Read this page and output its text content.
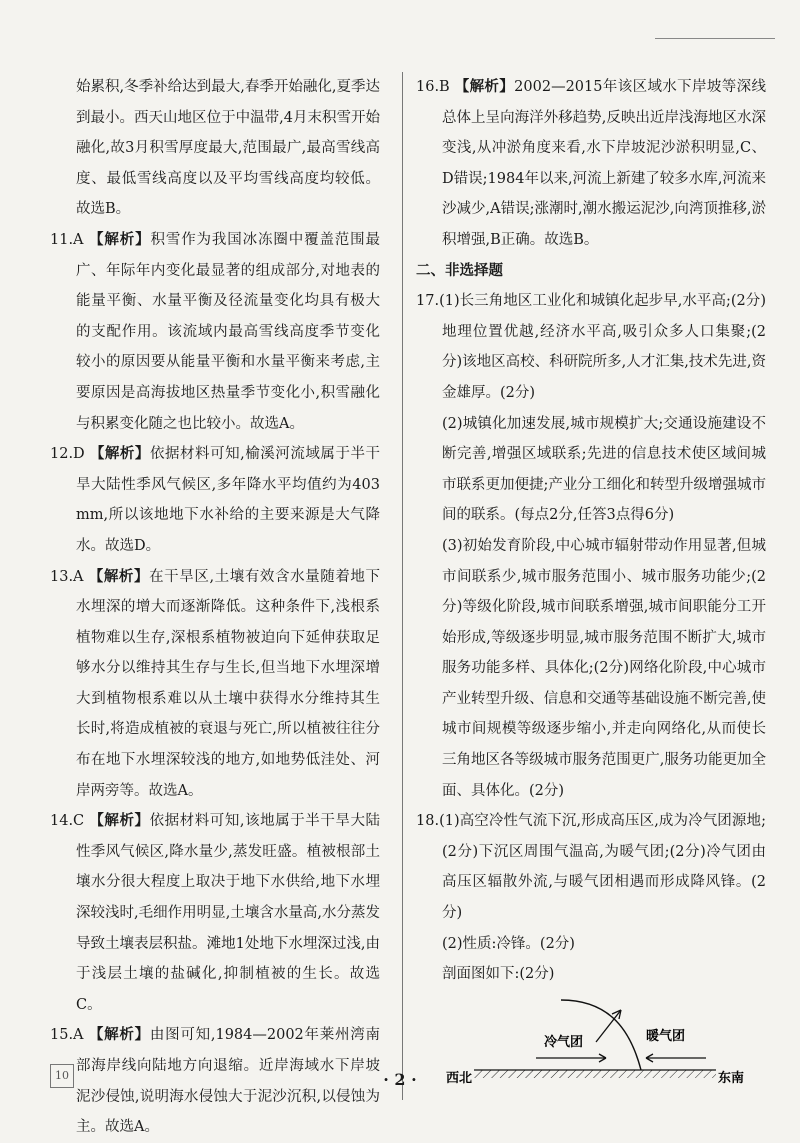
始累积,冬季补给达到最大,春季开始融化,夏季达到最小。西天山地区位于中温带,4月末积雪开始融化,故3月积雪厚度最大,范围最广,最高雪线高度、最低雪线高度以及平均雪线高度均较低。故选B。

11.A 【解析】积雪作为我国冰冻圈中覆盖范围最广、年际年内变化最显著的组成部分,对地表的能量平衡、水量平衡及径流量变化均具有极大的支配作用。该流域内最高雪线高度季节变化较小的原因要从能量平衡和水量平衡来考虑,主要原因是高海拔地区热量季节变化小,积雪融化与积累变化随之也比较小。故选A。

12.D 【解析】依据材料可知,榆溪河流域属于半干旱大陆性季风气候区,多年降水平均值约为403 mm,所以该地地下水补给的主要来源是大气降水。故选D。

13.A 【解析】在干旱区,土壤有效含水量随着地下水埋深的增大而逐渐降低。这种条件下,浅根系植物难以生存,深根系植物被迫向下延伸获取足够水分以维持其生存与生长,但当地下水埋深增大到植物根系难以从土壤中获得水分维持其生长时,将造成植被的衰退与死亡,所以植被往往分布在地下水埋深较浅的地方,如地势低洼处、河岸两旁等。故选A。

14.C 【解析】依据材料可知,该地属于半干旱大陆性季风气候区,降水量少,蒸发旺盛。植被根部土壤水分很大程度上取决于地下水供给,地下水埋深较浅时,毛细作用明显,土壤含水量高,水分蒸发导致土壤表层积盐。滩地1处地下水埋深过浅,由于浅层土壤的盐碱化,抑制植被的生长。故选C。

15.A 【解析】由图可知,1984—2002年莱州湾南部海岸线向陆地方向退缩。近岸海域水下岸坡泥沙侵蚀,说明海水侵蚀大于泥沙沉积,以侵蚀为主。故选A。

16.B 【解析】2002—2015年该区域水下岸坡等深线总体上呈向海洋外移趋势,反映出近岸浅海地区水深变浅,从冲淤角度来看,水下岸坡泥沙淤积明显,C、D错误;1984年以来,河流上新建了较多水库,河流来沙减少,A错误;涨潮时,潮水搬运泥沙,向湾顶推移,淤积增强,B正确。故选B。

二、非选择题

17.(1)长三角地区工业化和城镇化起步早,水平高;(2分)地理位置优越,经济水平高,吸引众多人口集聚;(2分)该地区高校、科研院所多,人才汇集,技术先进,资金雄厚。(2分)

(2)城镇化加速发展,城市规模扩大;交通设施建设不断完善,增强区域联系;先进的信息技术使区域间城市联系更加便捷;产业分工细化和转型升级增强城市间的联系。(每点2分,任答3点得6分)

(3)初始发育阶段,中心城市辐射带动作用显著,但城市间联系少,城市服务范围小、城市服务功能少;(2分)等级化阶段,城市间联系增强,城市间职能分工开始形成,等级逐步明显,城市服务范围不断扩大,城市服务功能多样、具体化;(2分)网络化阶段,中心城市产业转型升级、信息和交通等基础设施不断完善,使城市间规模等级逐步缩小,并走向网络化,从而使长三角地区各等级城市服务范围更广,服务功能更加全面、具体化。(2分)

18.(1)高空冷性气流下沉,形成高压区,成为冷气团源地;(2分)下沉区周围气温高,为暖气团;(2分)冷气团由高压区辐散外流,与暖气团相遇而形成降风锋。(2分)

(2)性质:冷锋。(2分)

剖面图如下:(2分)

冷气团	暖气团
西北	东南
10	· 2 ·
